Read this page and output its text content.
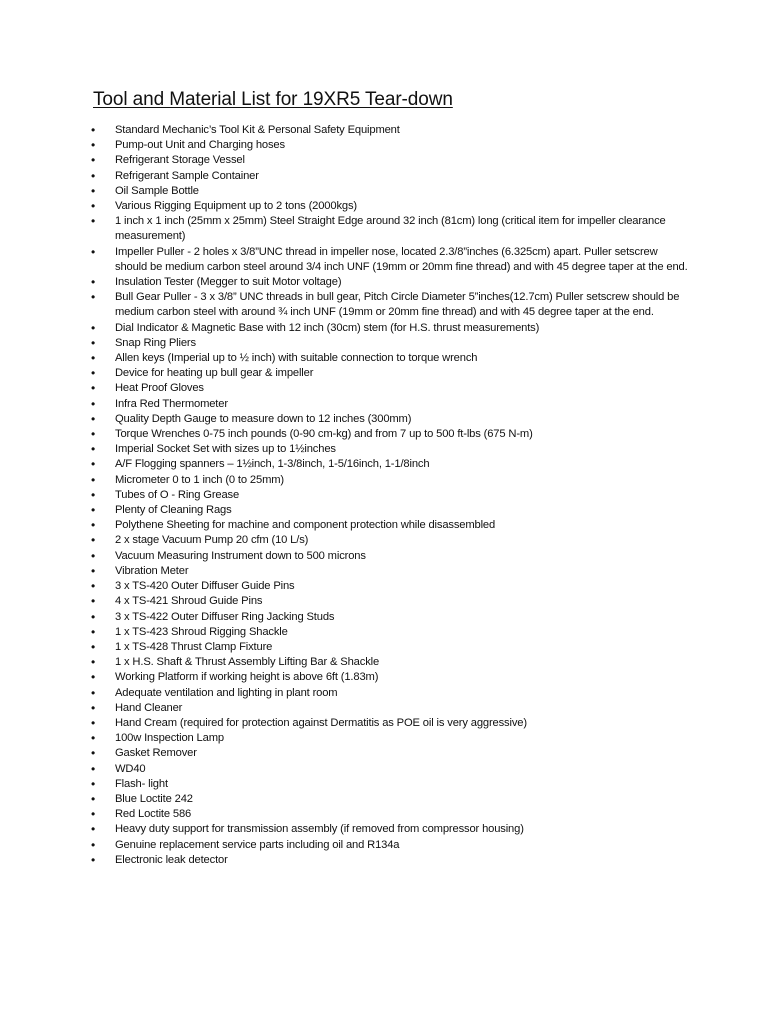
Tool and Material List for 19XR5 Tear-down
•	Standard Mechanic’s Tool Kit & Personal Safety Equipment
•	Pump-out Unit and Charging hoses
•	Refrigerant Storage Vessel
•	Refrigerant Sample Container
•	Oil Sample Bottle
•	Various Rigging Equipment up to 2 tons (2000kgs)
•	1 inch x 1 inch (25mm x 25mm) Steel Straight Edge around 32 inch (81cm) long (critical item for impeller clearance measurement)
•	Impeller Puller - 2 holes x 3/8”UNC thread in impeller nose, located 2.3/8”inches (6.325cm) apart. Puller setscrew should be medium carbon steel around 3/4 inch UNF (19mm or 20mm fine thread) and with 45 degree taper at the end.
•	Insulation Tester (Megger to suit Motor voltage)
•	Bull Gear Puller - 3 x 3/8” UNC threads in bull gear, Pitch Circle Diameter 5”inches(12.7cm) Puller setscrew should be medium carbon steel with around ¾ inch UNF (19mm or 20mm fine thread) and with 45 degree taper at the end.
•	Dial Indicator & Magnetic Base with 12 inch (30cm) stem (for H.S. thrust measurements)
•	Snap Ring Pliers
•	Allen keys (Imperial up to ½ inch) with suitable connection to torque wrench
•	Device for heating up bull gear & impeller
•	Heat Proof Gloves
•	Infra Red Thermometer
•	Quality Depth Gauge to measure down to 12 inches (300mm)
•	Torque Wrenches 0-75 inch pounds (0-90 cm-kg) and from 7 up to 500 ft-lbs (675 N-m)
•	Imperial Socket Set with sizes up to 1½inches
•	A/F Flogging spanners – 1½inch, 1-3/8inch, 1-5/16inch, 1-1/8inch
•	Micrometer 0 to 1 inch (0 to 25mm)
•	Tubes of O - Ring Grease
•	Plenty of Cleaning Rags
•	Polythene Sheeting for machine and component protection while disassembled
•	2 x stage Vacuum Pump 20 cfm (10 L/s)
•	Vacuum Measuring Instrument down to 500 microns
•	Vibration Meter
•	3 x TS-420 Outer Diffuser Guide Pins
•	4 x TS-421 Shroud Guide Pins
•	3 x TS-422 Outer Diffuser Ring Jacking Studs
•	1 x TS-423 Shroud Rigging Shackle
•	1 x TS-428 Thrust Clamp Fixture
•	1 x H.S. Shaft & Thrust Assembly Lifting Bar & Shackle
•	Working Platform if working height is above 6ft (1.83m)
•	Adequate ventilation and lighting in plant room
•	Hand Cleaner
•	Hand Cream (required for protection against Dermatitis as POE oil is very aggressive)
•	100w Inspection Lamp
•	Gasket Remover
•	WD40
•	Flash- light
•	Blue Loctite 242
•	Red Loctite 586
•	Heavy duty support for transmission assembly (if removed from compressor housing)
•	Genuine replacement service parts including oil and R134a
•	Electronic leak detector
